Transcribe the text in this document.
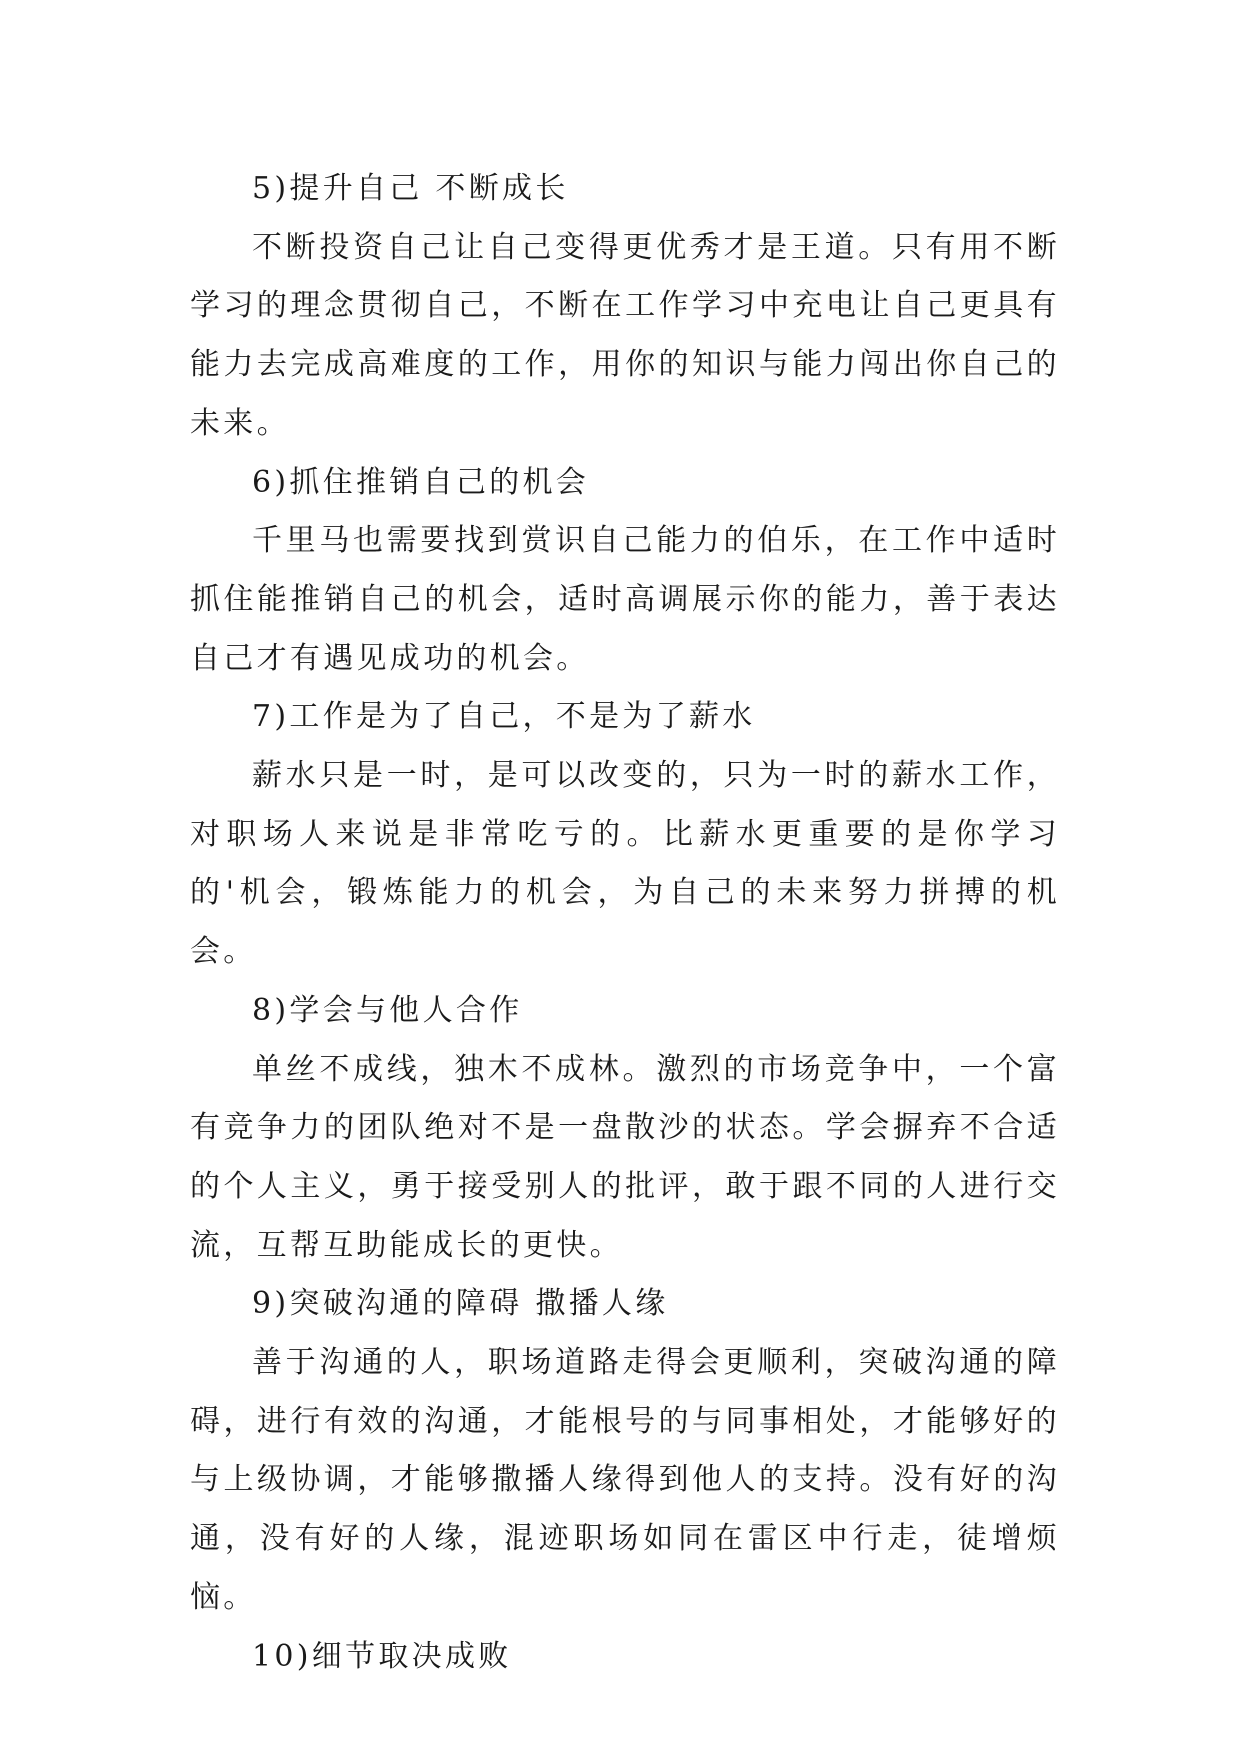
5)提升自己 不断成长

不断投资自己让自己变得更优秀才是王道。只有用不断学习的理念贯彻自己，不断在工作学习中充电让自己更具有能力去完成高难度的工作，用你的知识与能力闯出你自己的未来。

6)抓住推销自己的机会

千里马也需要找到赏识自己能力的伯乐，在工作中适时抓住能推销自己的机会，适时高调展示你的能力，善于表达自己才有遇见成功的机会。

7)工作是为了自己，不是为了薪水

薪水只是一时，是可以改变的，只为一时的薪水工作，对职场人来说是非常吃亏的。比薪水更重要的是你学习的'机会，锻炼能力的机会，为自己的未来努力拼搏的机会。

8)学会与他人合作

单丝不成线，独木不成林。激烈的市场竞争中，一个富有竞争力的团队绝对不是一盘散沙的状态。学会摒弃不合适的个人主义，勇于接受别人的批评，敢于跟不同的人进行交流，互帮互助能成长的更快。

9)突破沟通的障碍 撒播人缘

善于沟通的人，职场道路走得会更顺利，突破沟通的障碍，进行有效的沟通，才能根号的与同事相处，才能够好的与上级协调，才能够撒播人缘得到他人的支持。没有好的沟通，没有好的人缘，混迹职场如同在雷区中行走，徒增烦恼。

10)细节取决成败
